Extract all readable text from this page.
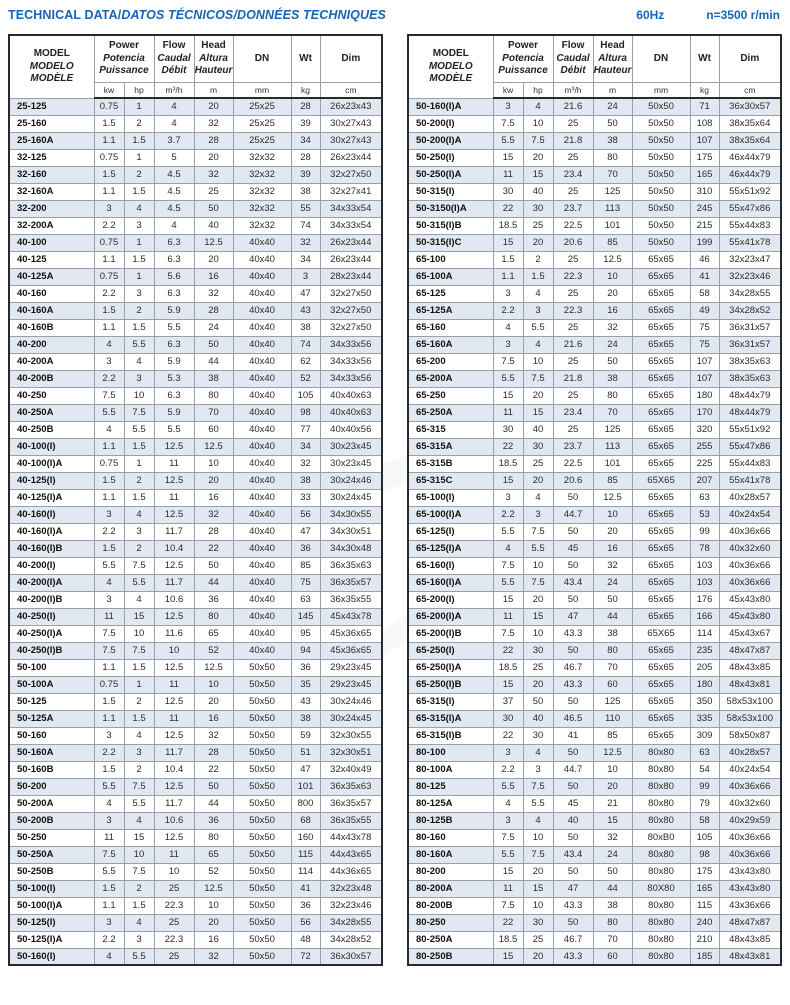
TECHNICAL DATA/DATOS TÉCNICOS/DONNÉES TECHNIQUES	60Hz	n=3500 r/min
MODEL
MODELO
MODÈLE	Power
Potencia
Puissance		Flow
Caudal
Débit	Head
Altura
Hauteur	DN	Wt	Dim
	kw	hp	m³/h	m	mm	kg	cm
25-125	0.75	1	4	20	25x25	28	26x23x43
25-160	1.5	2	4	32	25x25	39	30x27x43
25-160A	1.1	1.5	3.7	28	25x25	34	30x27x43
32-125	0.75	1	5	20	32x32	28	26x23x44
32-160	1.5	2	4.5	32	32x32	39	32x27x50
32-160A	1.1	1.5	4.5	25	32x32	38	32x27x41
32-200	3	4	4.5	50	32x32	55	34x33x54
32-200A	2.2	3	4	40	32x32	74	34x33x54
40-100	0.75	1	6.3	12.5	40x40	32	26x23x44
40-125	1.1	1.5	6.3	20	40x40	34	26x23x44
40-125A	0.75	1	5.6	16	40x40	3	28x23x44
40-160	2.2	3	6.3	32	40x40	47	32x27x50
40-160A	1.5	2	5.9	28	40x40	43	32x27x50
40-160B	1.1	1.5	5.5	24	40x40	38	32x27x50
40-200	4	5.5	6.3	50	40x40	74	34x33x56
40-200A	3	4	5.9	44	40x40	62	34x33x56
40-200B	2.2	3	5.3	38	40x40	52	34x33x56
40-250	7.5	10	6.3	80	40x40	105	40x40x63
40-250A	5.5	7.5	5.9	70	40x40	98	40x40x63
40-250B	4	5.5	5.5	60	40x40	77	40x40x56
40-100(I)	1.1	1.5	12.5	12.5	40x40	34	30x23x45
40-100(I)A	0.75	1	11	10	40x40	32	30x23x45
40-125(I)	1.5	2	12.5	20	40x40	38	30x24x46
40-125(I)A	1.1	1.5	11	16	40x40	33	30x24x45
40-160(I)	3	4	12.5	32	40x40	56	34x30x55
40-160(I)A	2.2	3	11.7	28	40x40	47	34x30x51
40-160(I)B	1.5	2	10.4	22	40x40	36	34x30x48
40-200(I)	5.5	7.5	12.5	50	40x40	85	36x35x63
40-200(I)A	4	5.5	11.7	44	40x40	75	36x35x57
40-200(I)B	3	4	10.6	36	40x40	63	36x35x55
40-250(I)	11	15	12.5	80	40x40	145	45x43x78
40-250(I)A	7.5	10	11.6	65	40x40	95	45x36x65
40-250(I)B	7.5	7.5	10	52	40x40	94	45x36x65
50-100	1.1	1.5	12.5	12.5	50x50	36	29x23x45
50-100A	0.75	1	11	10	50x50	35	29x23x45
50-125	1.5	2	12.5	20	50x50	43	30x24x46
50-125A	1.1	1.5	11	16	50x50	38	30x24x45
50-160	3	4	12.5	32	50x50	59	32x30x55
50-160A	2.2	3	11.7	28	50x50	51	32x30x51
50-160B	1.5	2	10.4	22	50x50	47	32x40x49
50-200	5.5	7.5	12.5	50	50x50	101	36x35x63
50-200A	4	5.5	11.7	44	50x50	800	36x35x57
50-200B	3	4	10.6	36	50x50	68	36x35x55
50-250	11	15	12.5	80	50x50	160	44x43x78
50-250A	7.5	10	11	65	50x50	115	44x43x65
50-250B	5.5	7.5	10	52	50x50	114	44x36x65
50-100(I)	1.5	2	25	12.5	50x50	41	32x23x48
50-100(I)A	1.1	1.5	22.3	10	50x50	36	32x23x46
50-125(I)	3	4	25	20	50x50	56	34x28x55
50-125(I)A	2.2	3	22.3	16	50x50	48	34x28x52
50-160(I)	4	5.5	25	32	50x50	72	36x30x57
MODEL
MODELO
MODÈLE	Power
Potencia
Puissance		Flow
Caudal
Débit	Head
Altura
Hauteur	DN	Wt	Dim
	kw	hp	m³/h	m	mm	kg	cm
50-160(I)A	3	4	21.6	24	50x50	71	36x30x57
50-200(I)	7.5	10	25	50	50x50	108	38x35x64
50-200(I)A	5.5	7.5	21.8	38	50x50	107	38x35x64
50-250(I)	15	20	25	80	50x50	175	46x44x79
50-250(I)A	11	15	23.4	70	50x50	165	46x44x79
50-315(I)	30	40	25	125	50x50	310	55x51x92
50-3150(I)A	22	30	23.7	113	50x50	245	55x47x86
50-315(I)B	18.5	25	22.5	101	50x50	215	55x44x83
50-315(I)C	15	20	20.6	85	50x50	199	55x41x78
65-100	1.5	2	25	12.5	65x65	46	32x23x47
65-100A	1.1	1.5	22.3	10	65x65	41	32x23x46
65-125	3	4	25	20	65x65	58	34x28x55
65-125A	2.2	3	22.3	16	65x65	49	34x28x52
65-160	4	5.5	25	32	65x65	75	36x31x57
65-160A	3	4	21.6	24	65x65	75	36x31x57
65-200	7.5	10	25	50	65x65	107	38x35x63
65-200A	5.5	7.5	21.8	38	65x65	107	38x35x63
65-250	15	20	25	80	65x65	180	48x44x79
65-250A	11	15	23.4	70	65x65	170	48x44x79
65-315	30	40	25	125	65x65	320	55x51x92
65-315A	22	30	23.7	113	65x65	255	55x47x86
65-315B	18.5	25	22.5	101	65x65	225	55x44x83
65-315C	15	20	20.6	85	65X65	207	55x41x78
65-100(I)	3	4	50	12.5	65x65	63	40x28x57
65-100(I)A	2.2	3	44.7	10	65x65	53	40x24x54
65-125(I)	5.5	7.5	50	20	65x65	99	40x36x66
65-125(I)A	4	5.5	45	16	65x65	78	40x32x60
65-160(I)	7.5	10	50	32	65x65	103	40x36x66
65-160(I)A	5.5	7.5	43.4	24	65x65	103	40x36x66
65-200(I)	15	20	50	50	65x65	176	45x43x80
65-200(I)A	11	15	47	44	65x65	166	45x43x80
65-200(I)B	7.5	10	43.3	38	65X65	114	45x43x67
65-250(I)	22	30	50	80	65x65	235	48x47x87
65-250(I)A	18.5	25	46.7	70	65x65	205	48x43x85
65-250(I)B	15	20	43.3	60	65x65	180	48x43x81
65-315(I)	37	50	50	125	65x65	350	58x53x100
65-315(I)A	30	40	46.5	110	65x65	335	58x53x100
65-315(I)B	22	30	41	85	65x65	309	58x50x87
80-100	3	4	50	12.5	80x80	63	40x28x57
80-100A	2.2	3	44.7	10	80x80	54	40x24x54
80-125	5.5	7.5	50	20	80x80	99	40x36x66
80-125A	4	5.5	45	21	80x80	79	40x32x60
80-125B	3	4	40	15	80x80	58	40x29x59
80-160	7.5	10	50	32	80xB0	105	40x36x66
80-160A	5.5	7.5	43.4	24	80x80	98	40x36x66
80-200	15	20	50	50	80x80	175	43x43x80
80-200A	11	15	47	44	80X80	165	43x43x80
80-200B	7.5	10	43.3	38	80x80	115	43x36x66
80-250	22	30	50	80	80x80	240	48x47x87
80-250A	18.5	25	46.7	70	80x80	210	48x43x85
80-250B	15	20	43.3	60	80x80	185	48x43x81
